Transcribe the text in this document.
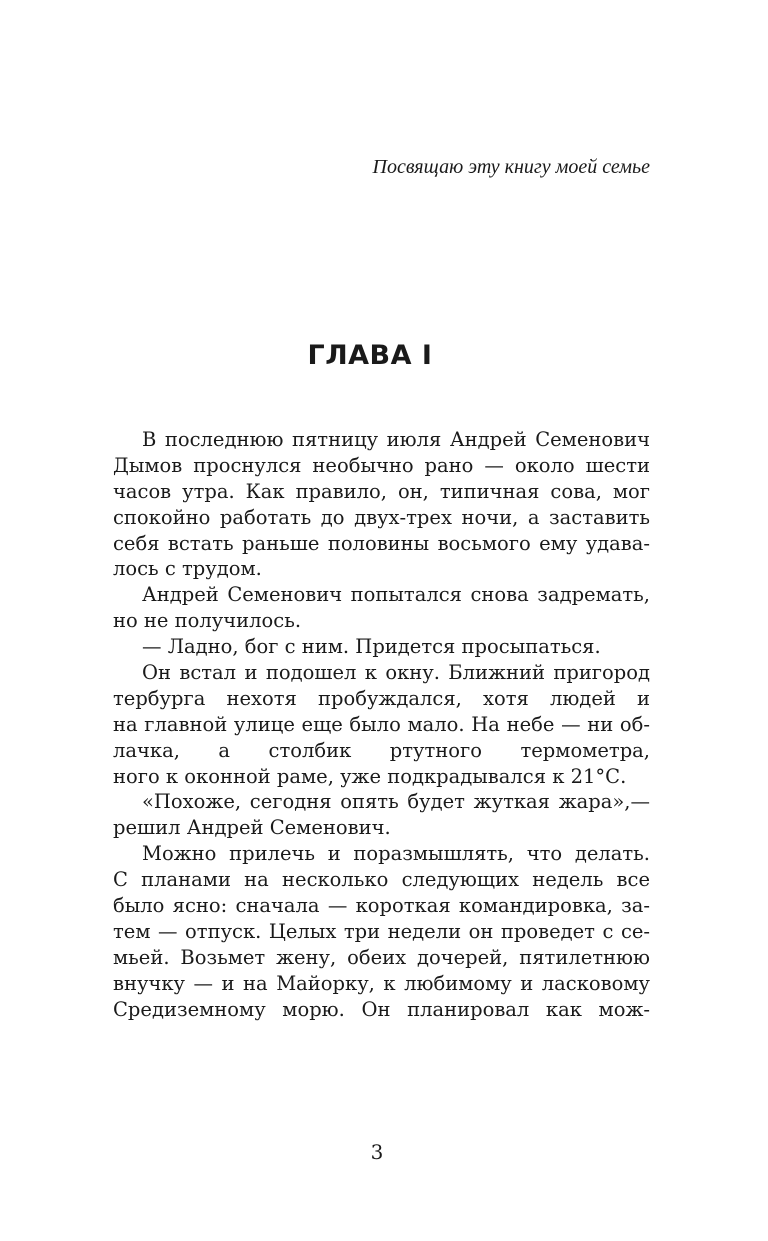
Посвящаю эту книгу моей семье
ГЛАВА I
В последнюю пятницу июля Андрей Семенович
Дымов проснулся необычно рано — около шести
часов утра. Как правило, он, типичная сова, мог
спокойно работать до двух-трех ночи, а заставить
себя встать раньше половины восьмого ему удава-
лось с трудом.
Андрей Семенович попытался снова задремать,
но не получилось.
— Ладно, бог с ним. Придется просыпаться.
Он встал и подошел к окну. Ближний пригород
тербурга нехотя пробуждался, хотя людей и
на главной улице еще было мало. На небе — ни об-
лачка, а столбик ртутного термометра,
ного к оконной раме, уже подкрадывался к 21°С.
«Похоже, сегодня опять будет жуткая жара»,—
решил Андрей Семенович.
Можно прилечь и поразмышлять, что делать.
С планами на несколько следующих недель все
было ясно: сначала — короткая командировка, за-
тем — отпуск. Целых три недели он проведет с се-
мьей. Возьмет жену, обеих дочерей, пятилетнюю
внучку — и на Майорку, к любимому и ласковому
Средиземному морю. Он планировал как мож-
3
